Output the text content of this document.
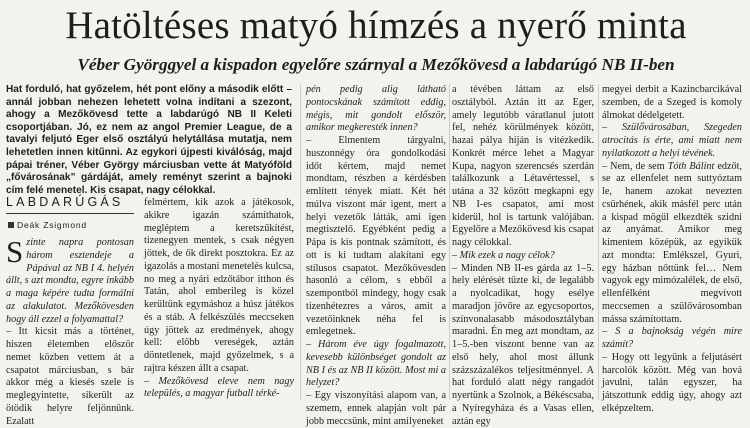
Hatöltéses matyó hímzés a nyerő minta
Véber Györggyel a kispadon egyelőre szárnyal a Mezőkövesd a labdarúgó NB II-ben

Hat forduló, hat győzelem, hét pont előny a második előtt – annál jobban nehezen lehetett volna indítani a szezont, ahogy a Mezőkövesd tette a labdarúgó NB II Keleti csoportjában. Jó, ez nem az angol Premier League, de a tavalyi feljutó Eger első osztályú helytállása mutatja, nem lehetetlen innen kitűnni. Az egykori újpesti kiválóság, majd pápai tréner, Véber György márciusban vette át Matyóföld „fővárosának” gárdáját, amely reményt szerint a bajnoki cím felé menetel. Kis csapat, nagy célokkal.

LABDARÚGÁS
Deák Zsigmond

Szinte napra pontosan három esztendeje a Pápával az NB I 4. helyén állt, s azt mondta, egyre inkább a maga képére tudta formálni az alakulatot. Mezőkövesden hogy áll ezzel a folyamattal?

– Itt kicsit más a történet, hiszen életemben először nemet közben vettem át a csapatot márciusban, s bár akkor még a kiesés szele is meglegyintette, sikerült az ötödik helyre feljönnünk. Ezalatt

felmértem, kik azok a játékosok, akikre igazán számíthatok, megléptem a keretszűkítést, tizenegyen mentek, s csak négyen jöttek, de ők direkt posztokra. Ez az igazolás a mostani menetelés kulcsa, no meg a nyári edzőtábor itthon és Tatán, ahol emberileg is közel kerültünk egymáshoz a húsz játékos és a stáb. A felkészülés meccseken úgy jöttek az eredmények, ahogy kell: előbb vereségek, aztán döntetlenek, majd győzelmek, s a rajtra készen állt a csapat.

– Mezőkövesd eleve nem nagy település, a magyar futball térké-

pén pedig alig látható pontocskának számított eddig, mégis, mit gondolt először, amikor megkeresték innen?

– Elmentem tárgyalni, huszonnégy óra gondolkodási időt kértem, majd nemet mondtam, részben a kérdésben említett tények miatt. Két hét múlva viszont már igent, mert a helyi vezetők látták, ami igen megtisztelő. Egyébként pedig a Pápa is kis pontnak számított, és ott is ki tudtam alakítani egy stílusos csapatot. Mezőkövesden hasonló a célom, s ebből a szempontból mindegy, hogy csak tizenhétezres a város, amit a vezetőinknek néha fel is emlegetnek.

– Három éve úgy fogalmazott, kevesebb különbséget gondolt az NB I és az NB II között. Most mi a helyzet?

– Egy viszonyítási alapom van, a szemem, ennek alapján volt pár jobb meccsünk, mint amilyeneket

a tévében láttam az első osztályból. Aztán itt az Eger, amely legutóbb váratlanul jutott fel, nehéz körülmények között, hazai pálya híján is vitézkedik. Konkrét mérce lehet a Magyar Kupa, nagyon szerencsés szerdán találkozunk a Létavértessel, s utána a 32 között megkapni egy NB I-es csapatot, ami most kiderül, hol is tartunk valójában. Egyelőre a Mezőkövesd kis csapat nagy célokkal.

– Mik ezek a nagy célok?

– Minden NB II-es gárda az 1–5. hely elérését tűzte ki, de legalább a nyolcadikat, hogy esélye maradjon jövőre az egycsoportos, színvonalasabb másodosztályban maradni. Én meg azt mondtam, az 1–5.-ben viszont benne van az első hely, ahol most állunk százszázalékos teljesítménnyel. A hat forduló alatt négy rangadót nyertünk a Szolnok, a Békéscsaba, a Nyíregyháza és a Vasas ellen, aztán egy

megyei derbit a Kazincbarcikával szemben, de a Szeged is komoly álmokat dédelgetett.

– Szülővárosában, Szegeden atrocitás is érte, ami miatt nem nyilatkozott a helyi tévének.

– Nem, de sem Tóth Bálint edzőt, se az ellenfelet nem suttyóztam le, hanem azokat nevezten csürhének, akik másfél perc után a kispad mögül elkezdték szidni az anyámat. Amikor meg kimentem középük, az egyikük azt mondta: Emlékszel, Gyuri, egy házban nőttünk fel… Nem vagyok egy mimózalélek, de első, ellenfélként megvívott meccsemen a szülővárosomban mássa számítottam.

– S a bajnokság végén mire számít?

– Hogy ott legyünk a feljutásért harcolók között. Még van hová javulni, talán egyszer, ha játszottunk eddig úgy, ahogy azt elképzeltem.
